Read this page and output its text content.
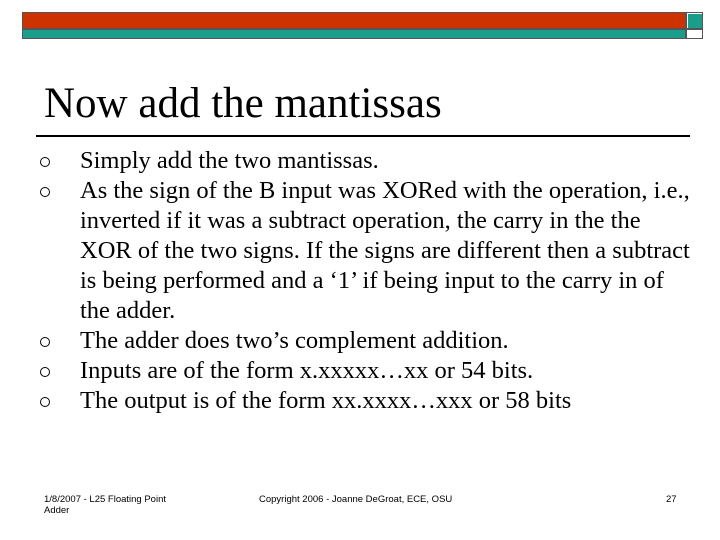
Now add the mantissas
Simply add the two mantissas.
As the sign of the B input was XORed with the operation, i.e., inverted if it was a subtract operation, the carry in the the XOR of the two signs. If the signs are different then a subtract is being performed and a ‘1’ if being input to the carry in of the adder.
The adder does two’s complement addition.
Inputs are of the form x.xxxxx…xx or 54 bits.
The output is of the form xx.xxxx…xxx or 58 bits
1/8/2007 - L25 Floating Point Adder
Copyright 2006 - Joanne DeGroat, ECE, OSU	27
